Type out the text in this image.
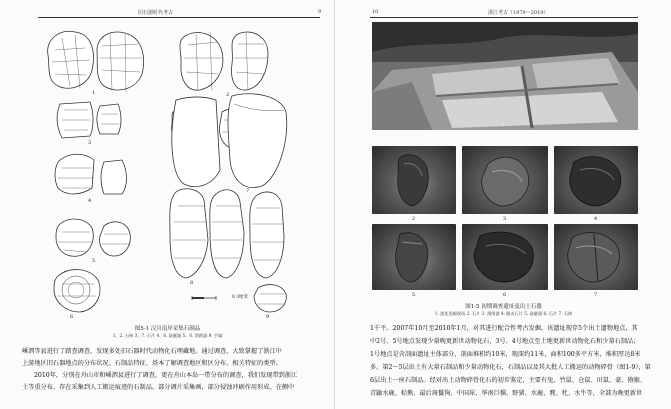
旧石器时代考古	9
0 3厘米
1	2
3
4
5
6
7
8
9
图5-1 汉川南岸采集石制品
1、2. 石核 3、7. 石片 4、8. 砍砸器 5、6. 刮削器 9. 手镐

嵊泗等县进行了踏查调查，发现多处旧石器时代动物化石埋藏地。通过调查，大致掌握了浙江中

上游地区旧石器地点的分布状况、石制品特征、基本了解调查地区和区分布、相关特征的类型。

2010年，分别在舟山市和嵊泗县进行了调查，更在舟山本岛一带分布的调查，我们发现带到浙江

土等重分布、存在采集到人工搬运痕迹的石制品。部分调片采集画，部分侵蚀冲刷作用形成。在侧中

10	浙江考古（1979～2019）
1
2	3	4
5	6	7
图1-5 初期调查遗址及出土石器
1. 遗址发掘现场 2. 石片 3. 刮削器 4. 砸击石片 5. 砍砸器 6. 石片 7. 石核

1千平。2007年10月至2010年1月，对其进行配合性考古发掘。该遗址现存5个出土遗物地点，其

中2号、5号地点发现少量晚更新世动物化石，3号、4号地点至土地更新世动物化石和少量石制品；

1号地点是含剖面遗址主体部分，剖面堆积约10米，现深约11米，面积100多平方米，堆积厚达8米

多。第2～5层出土有大量石制品和少量动物化石，石制品以及其大批人工搬运的动物碎骨（图1-9），第

6层出土一座石制品。经对出土动物碎骨化石的初步鉴定，主要有兔、竹鼠、仓鼠、田鼠、豪、猕猴、

青鼬水鹿、棕熊、最后斑鬣狗、中国犀、华南巨貘、野猪、水鹿、麂、牝、水牛等，全部为晚更新世
